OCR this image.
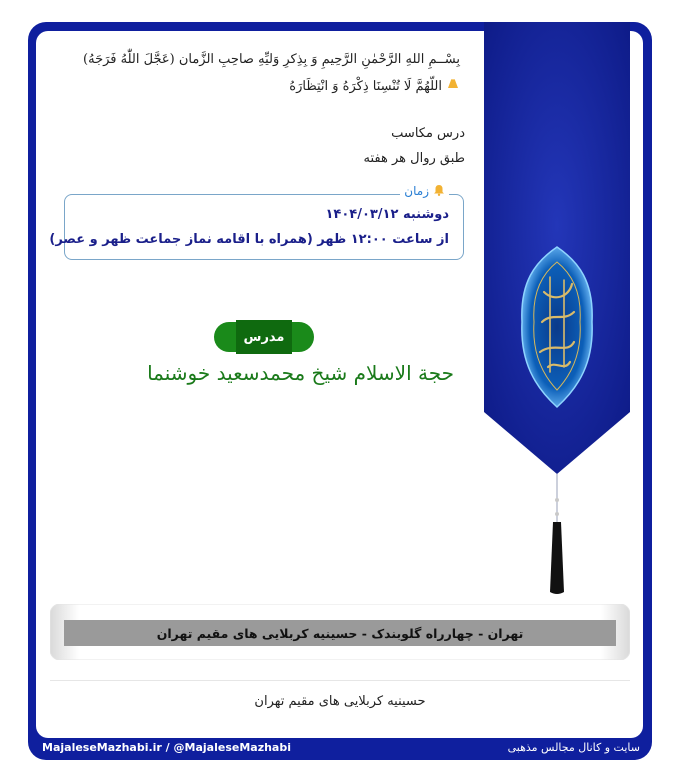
بِسْــمِ اللهِ الرَّحْمٰنِ الرَّحِیمِ وَ بِذِکرِ وَلیِّهِ صاحِبِ الزَّمان (عَجَّلَ اللّٰهُ فَرَجَهُ)
اللّهُمَّ لَا تُنْسِنَا ذِكْرَهُ وَ انْتِظَارَهُ
درس مکاسب
طبق روال هر هفته
زمان
دوشنبه ۱۴۰۴/۰۳/۱۲
از ساعت ۱۲:۰۰ ظهر (همراه با اقامه نماز جماعت ظهر و عصر)
مدرس
حجة الاسلام شیخ محمدسعید خوشنما
تهران - چهارراه گلوبندک - حسینیه کربلایی های مقیم تهران
حسینیه کربلایی های مقیم تهران
MajaleseMazhabi.ir / @MajaleseMazhabi	سایت و کانال مجالس مذهبی
